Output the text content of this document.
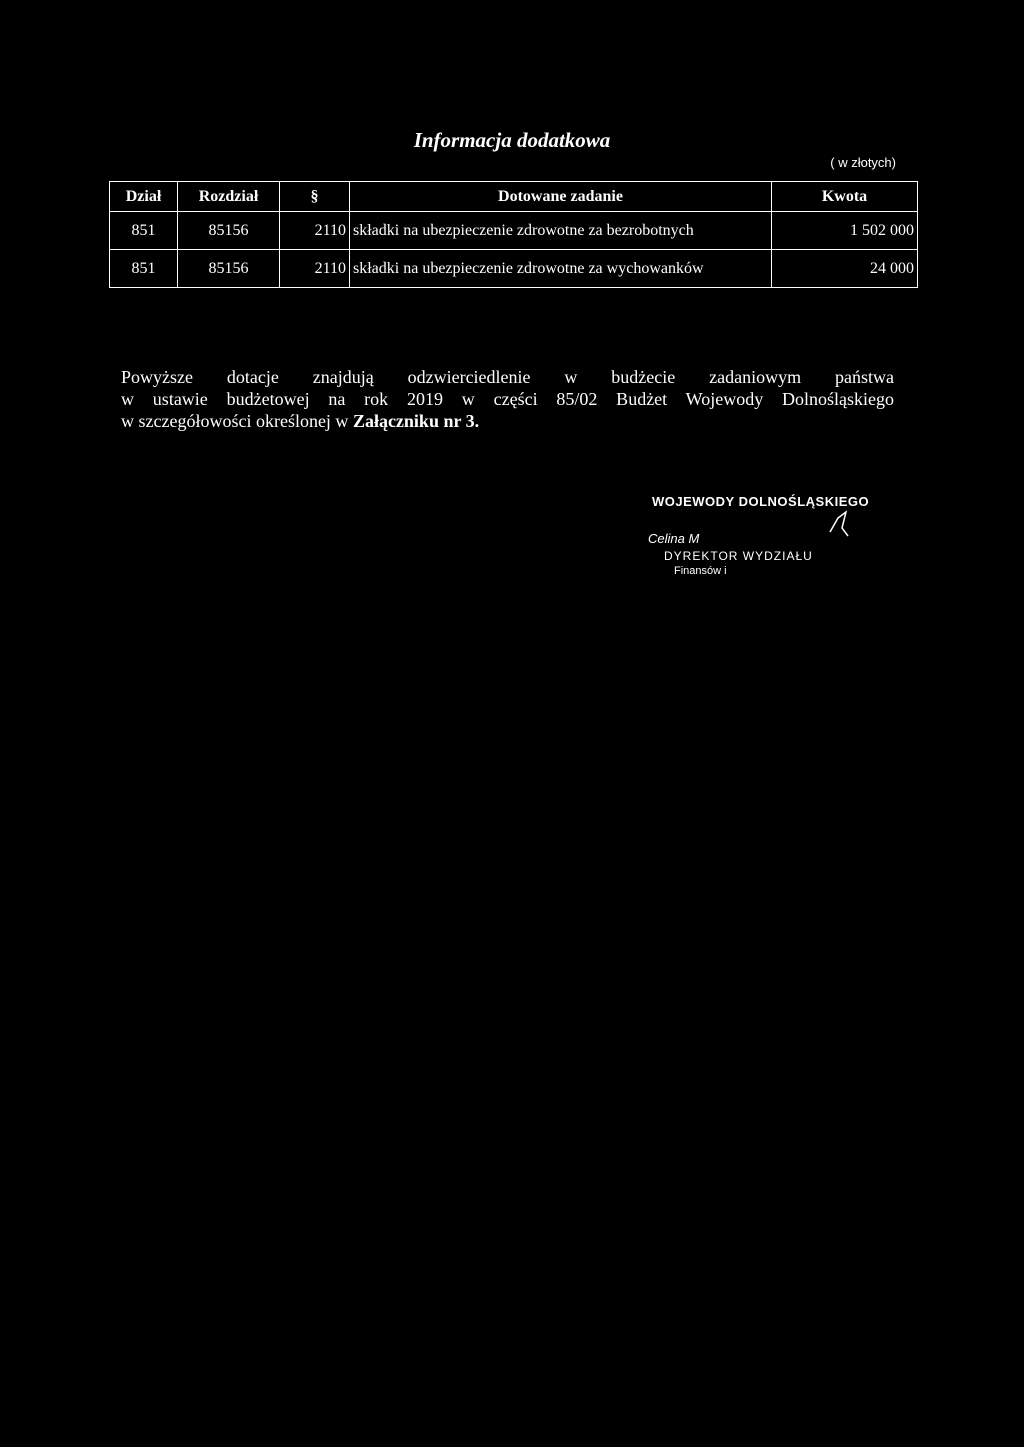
Informacja dodatkowa
( w złotych)
Dział	Rozdział	§	Dotowane zadanie	Kwota
851	85156	2110	składki na ubezpieczenie zdrowotne za bezrobotnych	1 502 000
851	85156	2110	składki na ubezpieczenie zdrowotne za wychowanków	24 000
Powyższe dotacje znajdują odzwierciedlenie w budżecie zadaniowym państwa
w ustawie budżetowej na rok 2019 w części 85/02 Budżet Wojewody Dolnośląskiego
w szczegółowości określonej w Załączniku nr 3.
WOJEWODY DOLNOŚLĄSKIEGO
Celina M
DYREKTOR WYDZIAŁU
Finansów i
